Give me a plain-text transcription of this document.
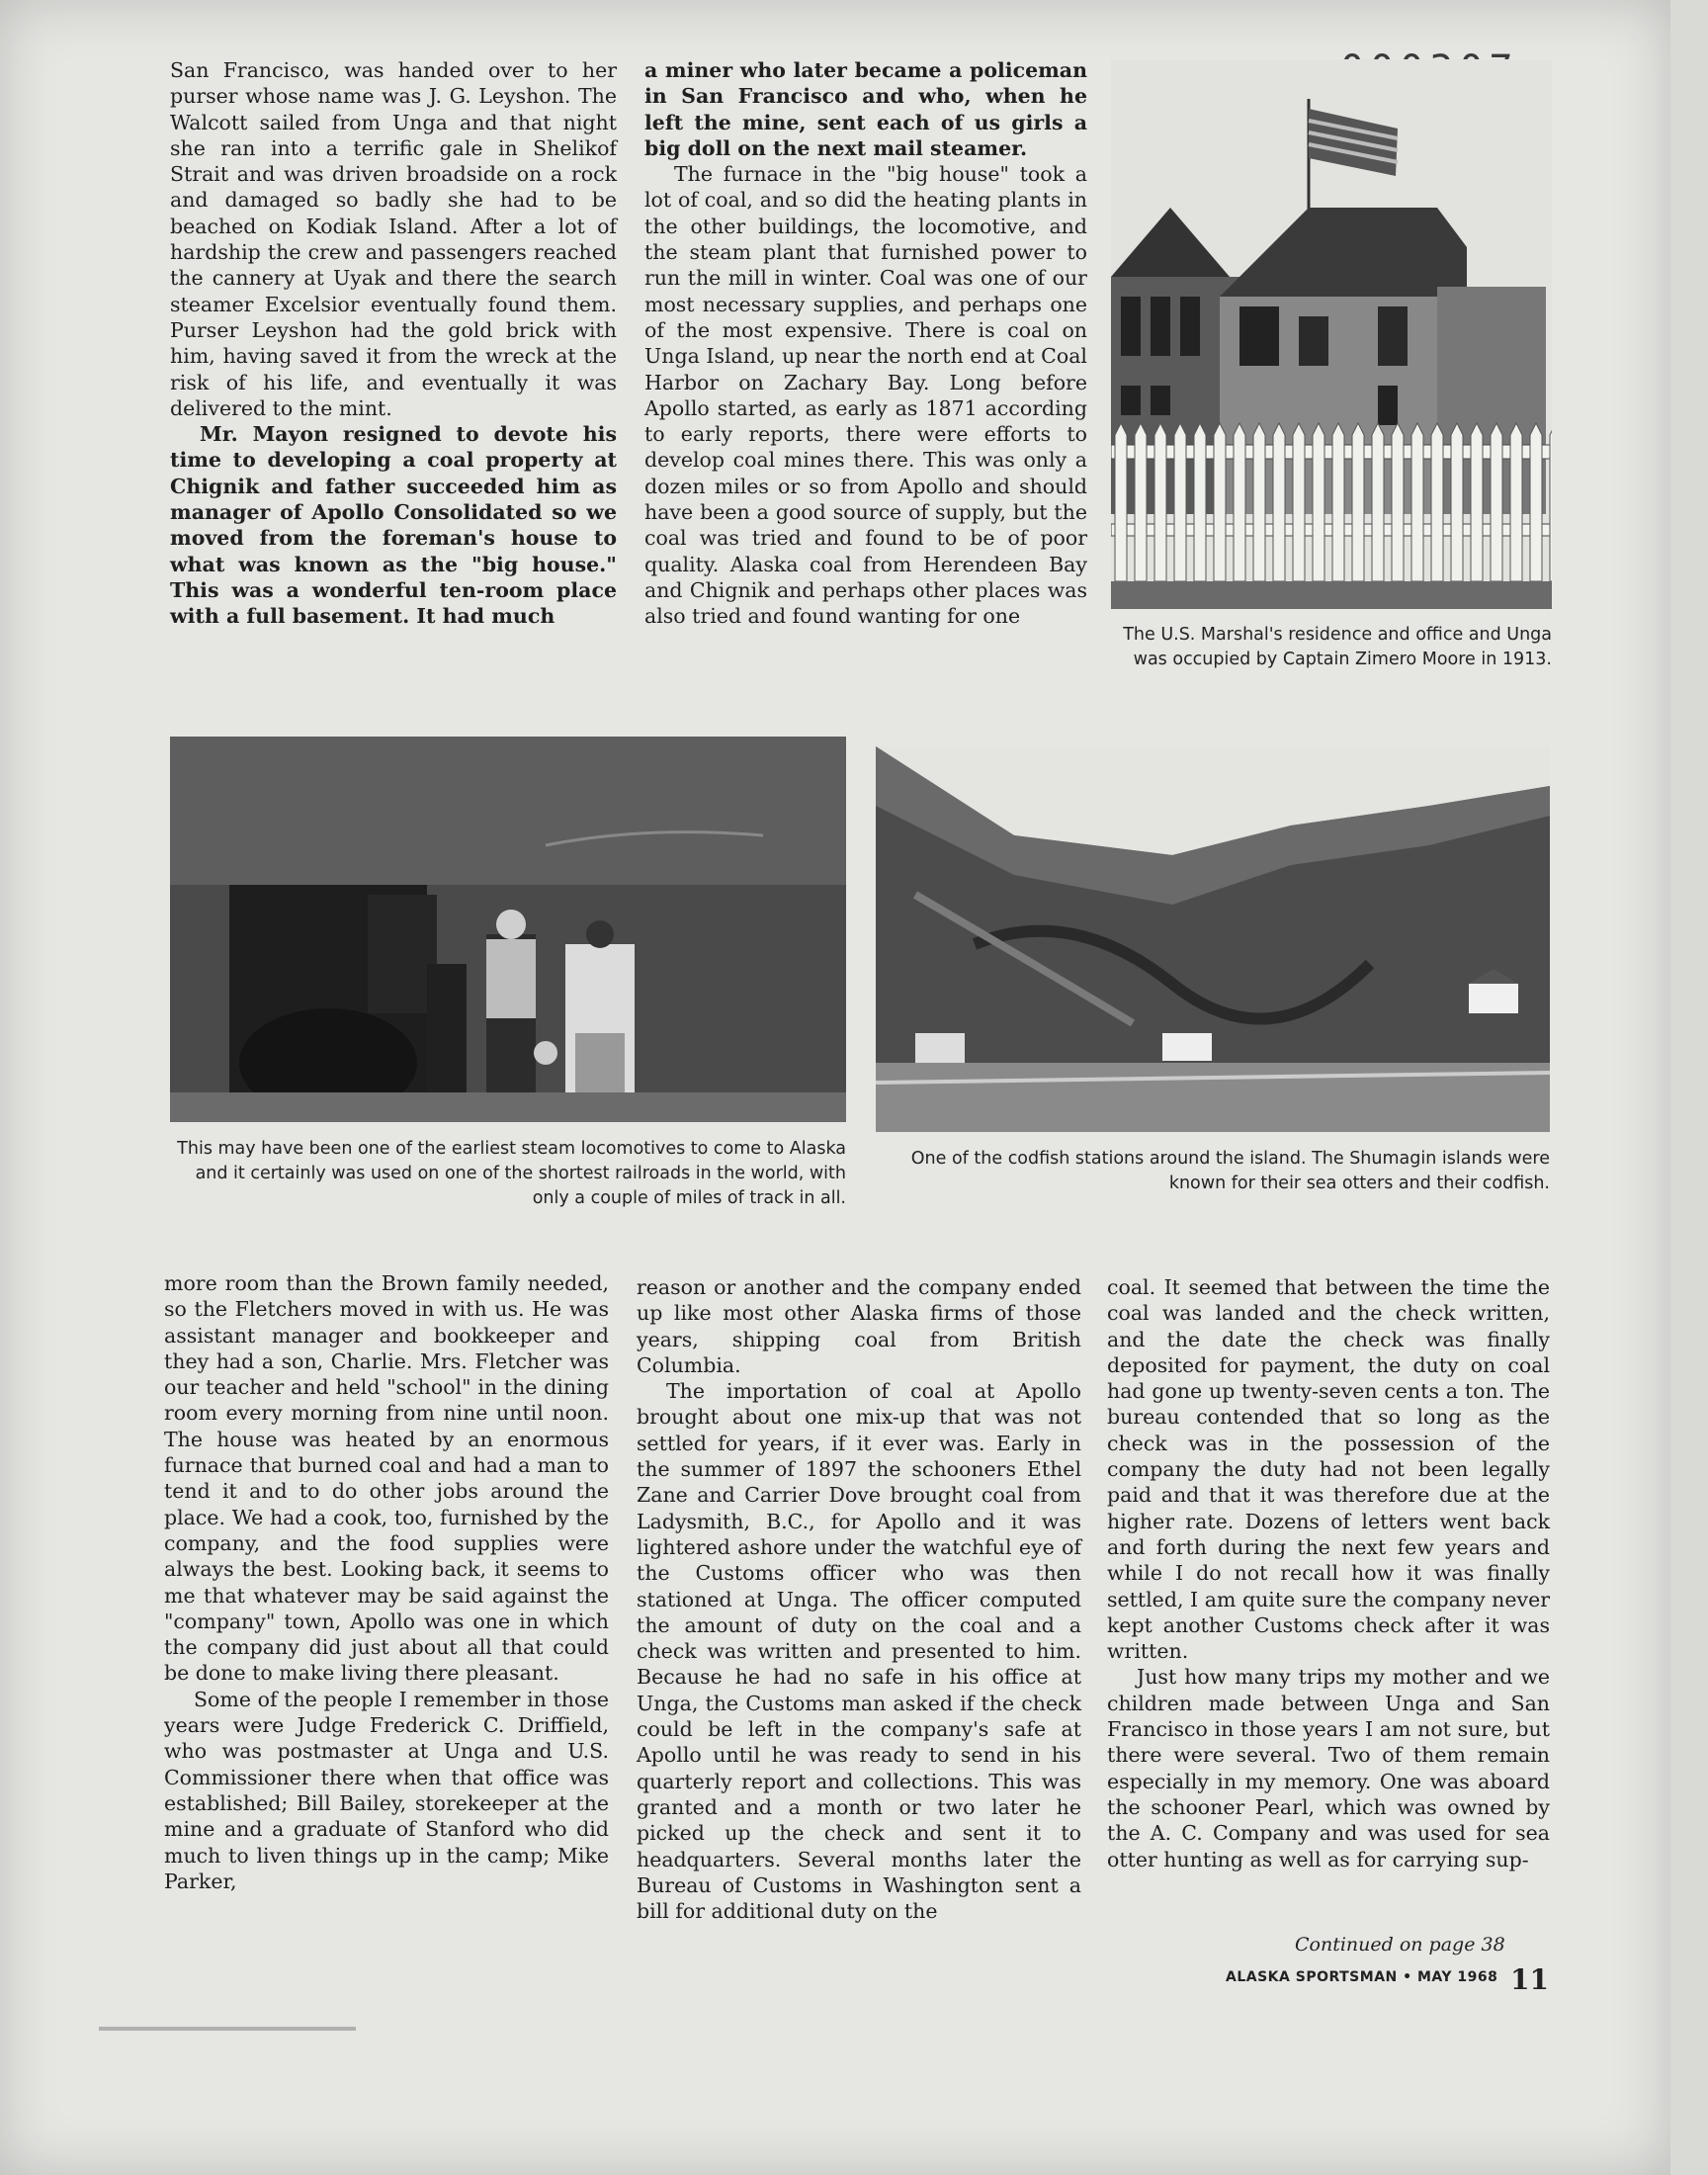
San Francisco, was handed over to her purser whose name was J. G. Leyshon. The Walcott sailed from Unga and that night she ran into a terrific gale in Shelikof Strait and was driven broadside on a rock and damaged so badly she had to be beached on Kodiak Island. After a lot of hardship the crew and passengers reached the cannery at Uyak and there the search steamer Excelsior eventually found them. Purser Leyshon had the gold brick with him, having saved it from the wreck at the risk of his life, and eventually it was delivered to the mint.

Mr. Mayon resigned to devote his time to developing a coal property at Chignik and father succeeded him as manager of Apollo Consolidated so we moved from the foreman's house to what was known as the "big house." This was a wonderful ten-room place with a full basement. It had much

a miner who later became a policeman in San Francisco and who, when he left the mine, sent each of us girls a big doll on the next mail steamer.

The furnace in the "big house" took a lot of coal, and so did the heating plants in the other buildings, the locomotive, and the steam plant that furnished power to run the mill in winter. Coal was one of our most necessary supplies, and perhaps one of the most expensive. There is coal on Unga Island, up near the north end at Coal Harbor on Zachary Bay. Long before Apollo started, as early as 1871 according to early reports, there were efforts to develop coal mines there. This was only a dozen miles or so from Apollo and should have been a good source of supply, but the coal was tried and found to be of poor quality. Alaska coal from Herendeen Bay and Chignik and perhaps other places was also tried and found wanting for one

The U.S. Marshal's residence and office and Unga was occupied by Captain Zimero Moore in 1913.
This may have been one of the earliest steam locomotives to come to Alaska and it certainly was used on one of the shortest railroads in the world, with only a couple of miles of track in all.
One of the codfish stations around the island. The Shumagin islands were known for their sea otters and their codfish.

more room than the Brown family needed, so the Fletchers moved in with us. He was assistant manager and bookkeeper and they had a son, Charlie. Mrs. Fletcher was our teacher and held "school" in the dining room every morning from nine until noon. The house was heated by an enormous furnace that burned coal and had a man to tend it and to do other jobs around the place. We had a cook, too, furnished by the company, and the food supplies were always the best. Looking back, it seems to me that whatever may be said against the "company" town, Apollo was one in which the company did just about all that could be done to make living there pleasant.

Some of the people I remember in those years were Judge Frederick C. Driffield, who was postmaster at Unga and U.S. Commissioner there when that office was established; Bill Bailey, storekeeper at the mine and a graduate of Stanford who did much to liven things up in the camp; Mike Parker,

reason or another and the company ended up like most other Alaska firms of those years, shipping coal from British Columbia.

The importation of coal at Apollo brought about one mix-up that was not settled for years, if it ever was. Early in the summer of 1897 the schooners Ethel Zane and Carrier Dove brought coal from Ladysmith, B.C., for Apollo and it was lightered ashore under the watchful eye of the Customs officer who was then stationed at Unga. The officer computed the amount of duty on the coal and a check was written and presented to him. Because he had no safe in his office at Unga, the Customs man asked if the check could be left in the company's safe at Apollo until he was ready to send in his quarterly report and collections. This was granted and a month or two later he picked up the check and sent it to headquarters. Several months later the Bureau of Customs in Washington sent a bill for additional duty on the

coal. It seemed that between the time the coal was landed and the check written, and the date the check was finally deposited for payment, the duty on coal had gone up twenty-seven cents a ton. The bureau contended that so long as the check was in the possession of the company the duty had not been legally paid and that it was therefore due at the higher rate. Dozens of letters went back and forth during the next few years and while I do not recall how it was finally settled, I am quite sure the company never kept another Customs check after it was written.

Just how many trips my mother and we children made between Unga and San Francisco in those years I am not sure, but there were several. Two of them remain especially in my memory. One was aboard the schooner Pearl, which was owned by the A. C. Company and was used for sea otter hunting as well as for carrying sup-

Continued on page 38
ALASKA SPORTSMAN • MAY 1968 11
